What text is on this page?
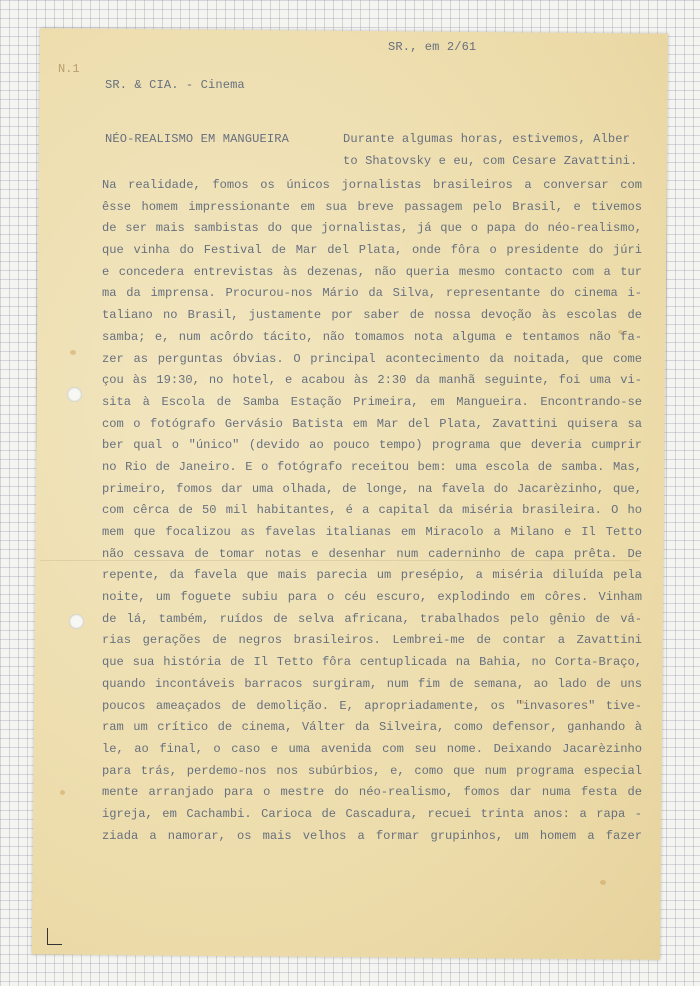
N.1
SR., em 2/61
SR. & CIA. - Cinema
NÉO-REALISMO EM MANGUEIRA	Durante algumas horas, estivemos, Alber
to Shatovsky e eu, com Cesare Zavattini.
Na realidade, fomos os únicos jornalistas brasileiros a conversar com
êsse homem impressionante em sua breve passagem pelo Brasil, e tivemos
de ser mais sambistas do que jornalistas, já que o papa do néo-realismo,
que vinha do Festival de Mar del Plata, onde fôra o presidente do júri
e concedera entrevistas às dezenas, não queria mesmo contacto com a tur
ma da imprensa. Procurou-nos Mário da Silva, representante do cinema i-
taliano no Brasil, justamente por saber de nossa devoção às escolas de
samba; e, num acôrdo tácito, não tomamos nota alguma e tentamos não fa-
zer as perguntas óbvias. O principal acontecimento da noitada, que come
çou às 19:30, no hotel, e acabou às 2:30 da manhã seguinte, foi uma vi-
sita à Escola de Samba Estação Primeira, em Mangueira. Encontrando-se
com o fotógrafo Gervásio Batista em Mar del Plata, Zavattini quisera sa
ber qual o "único" (devido ao pouco tempo) programa que deveria cumprir
no Rio de Janeiro. E o fotógrafo receitou bem: uma escola de samba. Mas,
primeiro, fomos dar uma olhada, de longe, na favela do Jacarèzinho, que,
com cêrca de 50 mil habitantes, é a capital da miséria brasileira. O ho
mem que focalizou as favelas italianas em Miracolo a Milano e Il Tetto
não cessava de tomar notas e desenhar num caderninho de capa prêta. De
repente, da favela que mais parecia um presépio, a miséria diluída pela
noite, um foguete subiu para o céu escuro, explodindo em côres. Vinham
de lá, também, ruídos de selva africana, trabalhados pelo gênio de vá-
rias gerações de negros brasileiros. Lembrei-me de contar a Zavattini
que sua história de Il Tetto fôra centuplicada na Bahia, no Corta-Braço,
quando incontáveis barracos surgiram, num fim de semana, ao lado de uns
poucos ameaçados de demolição. E, apropriadamente, os "invasores" tive-
ram um crítico de cinema, Válter da Silveira, como defensor, ganhando à
le, ao final, o caso e uma avenida com seu nome. Deixando Jacarèzinho
para trás, perdemo-nos nos subúrbios, e, como que num programa especial
mente arranjado para o mestre do néo-realismo, fomos dar numa festa de
igreja, em Cachambi. Carioca de Cascadura, recuei trinta anos: a rapa -
ziada a namorar, os mais velhos a formar grupinhos, um homem a fazer
